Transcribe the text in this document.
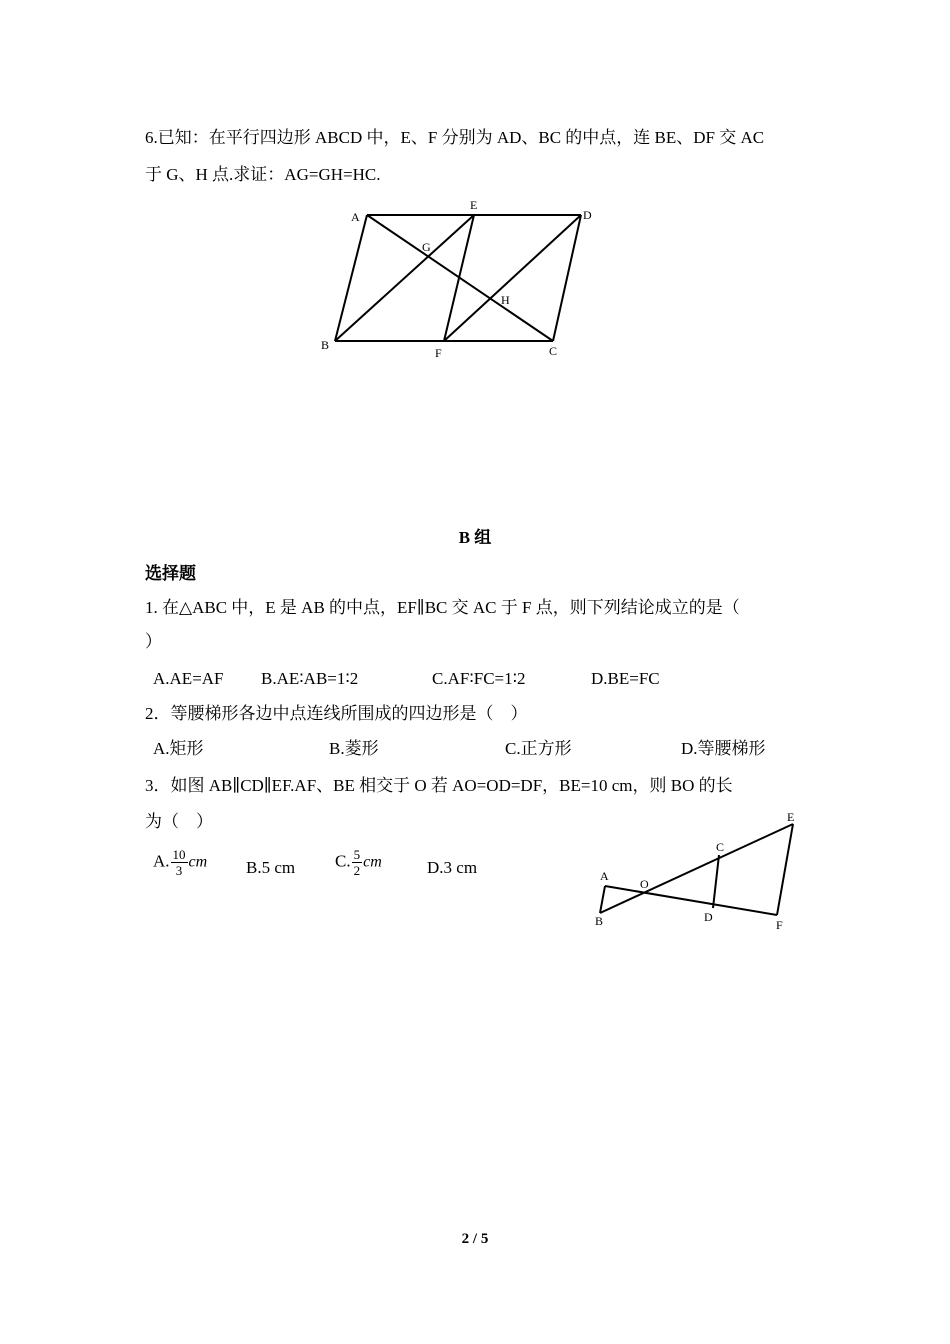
6.已知：在平行四边形 ABCD 中，E、F 分别为 AD、BC 的中点，连 BE、DF 交 AC
于 G、H 点.求证：AG=GH=HC.
A
E
D
G
H
B
F	C
B 组
选择题
1. 在△ABC 中，E 是 AB 的中点，EF∥BC 交 AC 于 F 点，则下列结论成立的是（
）
A.AE=AF B.AE∶AB=1∶2	C.AF∶FC=1∶2	D.BE=FC
2．等腰梯形各边中点连线所围成的四边形是（　）
A.矩形	B.菱形	C.正方形	D.等腰梯形
3．如图 AB∥CD∥EF.AF、BE 相交于 O 若 AO=OD=DF，BE=10 cm，则 BO 的长
为（　）
A. $\frac{10}{3}$ cm B.5 cm C. $\frac{5}{2}$ cm	D.3 cm	A
B
O
C
D
E
F
2 / 5
